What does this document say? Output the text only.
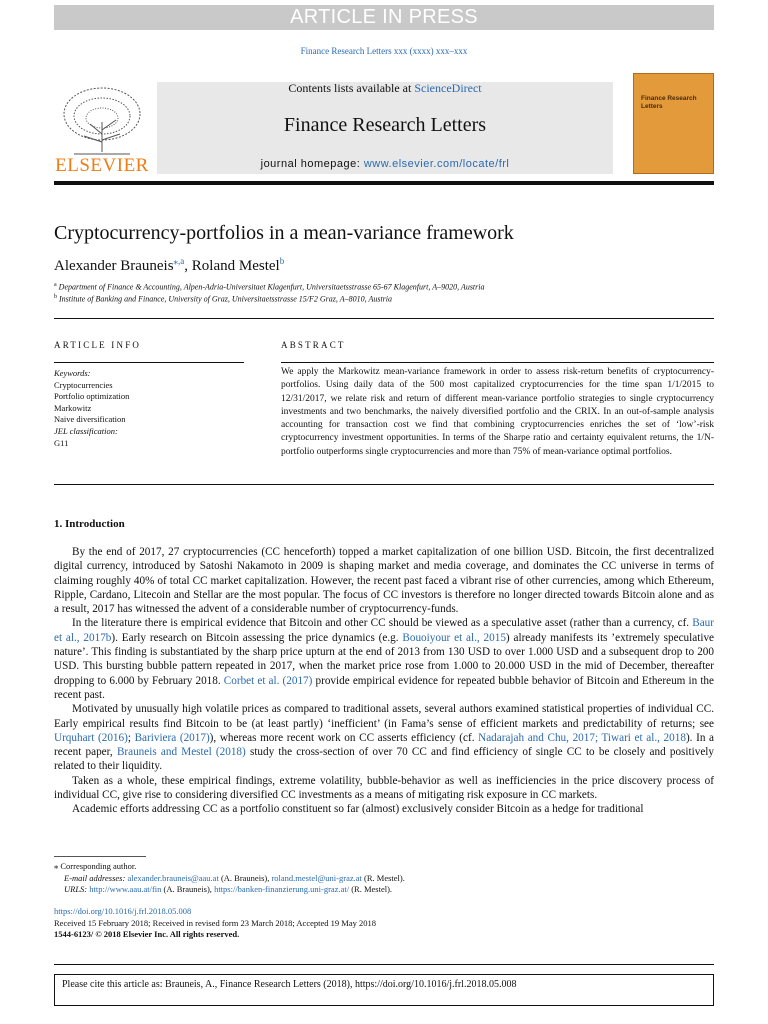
ARTICLE IN PRESS
Finance Research Letters xxx (xxxx) xxx–xxx
ELSEVIER
Contents lists available at ScienceDirect
Finance Research Letters
journal homepage: www.elsevier.com/locate/frl
Finance Research Letters
Cryptocurrency-portfolios in a mean-variance framework
Alexander Brauneis$^{⁎,a}$, Roland Mestel$^b$
$^a$ Department of Finance & Accounting, Alpen-Adria-Universitaet Klagenfurt, Universitaetsstrasse 65-67 Klagenfurt, A–9020, Austria
$^b$ Institute of Banking and Finance, University of Graz, Universitaetsstrasse 15/F2 Graz, A–8010, Austria
ARTICLE INFO
Keywords:
Cryptocurrencies
Portfolio optimization
Markowitz
Naive diversification
JEL classification:
G11
ABSTRACT
We apply the Markowitz mean-variance framework in order to assess risk-return benefits of cryptocurrency-portfolios. Using daily data of the 500 most capitalized cryptocurrencies for the time span 1/1/2015 to 12/31/2017, we relate risk and return of different mean-variance portfolio strategies to single cryptocurrency investments and two benchmarks, the naively diversified portfolio and the CRIX. In an out-of-sample analysis accounting for transaction cost we find that combining cryptocurrencies enriches the set of ‘low’-risk cryptocurrency investment opportunities. In terms of the Sharpe ratio and certainty equivalent returns, the 1/N-portfolio outperforms single cryptocurrencies and more than 75% of mean-variance optimal portfolios.
1. Introduction

By the end of 2017, 27 cryptocurrencies (CC henceforth) topped a market capitalization of one billion USD. Bitcoin, the first decentralized digital currency, introduced by Satoshi Nakamoto in 2009 is shaping market and media coverage, and dominates the CC universe in terms of claiming roughly 40% of total CC market capitalization. However, the recent past faced a vibrant rise of other currencies, among which Ethereum, Ripple, Cardano, Litecoin and Stellar are the most popular. The focus of CC investors is therefore no longer directed towards Bitcoin alone and as a result, 2017 has witnessed the advent of a considerable number of cryptocurrency-funds.

In the literature there is empirical evidence that Bitcoin and other CC should be viewed as a speculative asset (rather than a currency, cf. Baur et al., 2017b). Early research on Bitcoin assessing the price dynamics (e.g. Bouoiyour et al., 2015) already manifests its ’extremely speculative nature’. This finding is substantiated by the sharp price upturn at the end of 2013 from 130 USD to over 1.000 USD and a subsequent drop to 200 USD. This bursting bubble pattern repeated in 2017, when the market price rose from 1.000 to 20.000 USD in the mid of December, thereafter dropping to 6.000 by February 2018. Corbet et al. (2017) provide empirical evidence for repeated bubble behavior of Bitcoin and Ethereum in the recent past.

Motivated by unusually high volatile prices as compared to traditional assets, several authors examined statistical properties of individual CC. Early empirical results find Bitcoin to be (at least partly) ‘inefficient’ (in Fama’s sense of efficient markets and predictability of returns; see Urquhart (2016); Bariviera (2017)), whereas more recent work on CC asserts efficiency (cf. Nadarajah and Chu, 2017; Tiwari et al., 2018). In a recent paper, Brauneis and Mestel (2018) study the cross-section of over 70 CC and find efficiency of single CC to be closely and positively related to their liquidity.

Taken as a whole, these empirical findings, extreme volatility, bubble-behavior as well as inefficiencies in the price discovery process of individual CC, give rise to considering diversified CC investments as a means of mitigating risk exposure in CC markets.

Academic efforts addressing CC as a portfolio constituent so far (almost) exclusively consider Bitcoin as a hedge for traditional

⁎ Corresponding author.
E-mail addresses: alexander.brauneis@aau.at (A. Brauneis), roland.mestel@uni-graz.at (R. Mestel).
URLS: http://www.aau.at/fin (A. Brauneis), https://banken-finanzierung.uni-graz.at/ (R. Mestel).
https://doi.org/10.1016/j.frl.2018.05.008
Received 15 February 2018; Received in revised form 23 March 2018; Accepted 19 May 2018
1544-6123/ © 2018 Elsevier Inc. All rights reserved.
Please cite this article as: Brauneis, A., Finance Research Letters (2018), https://doi.org/10.1016/j.frl.2018.05.008
